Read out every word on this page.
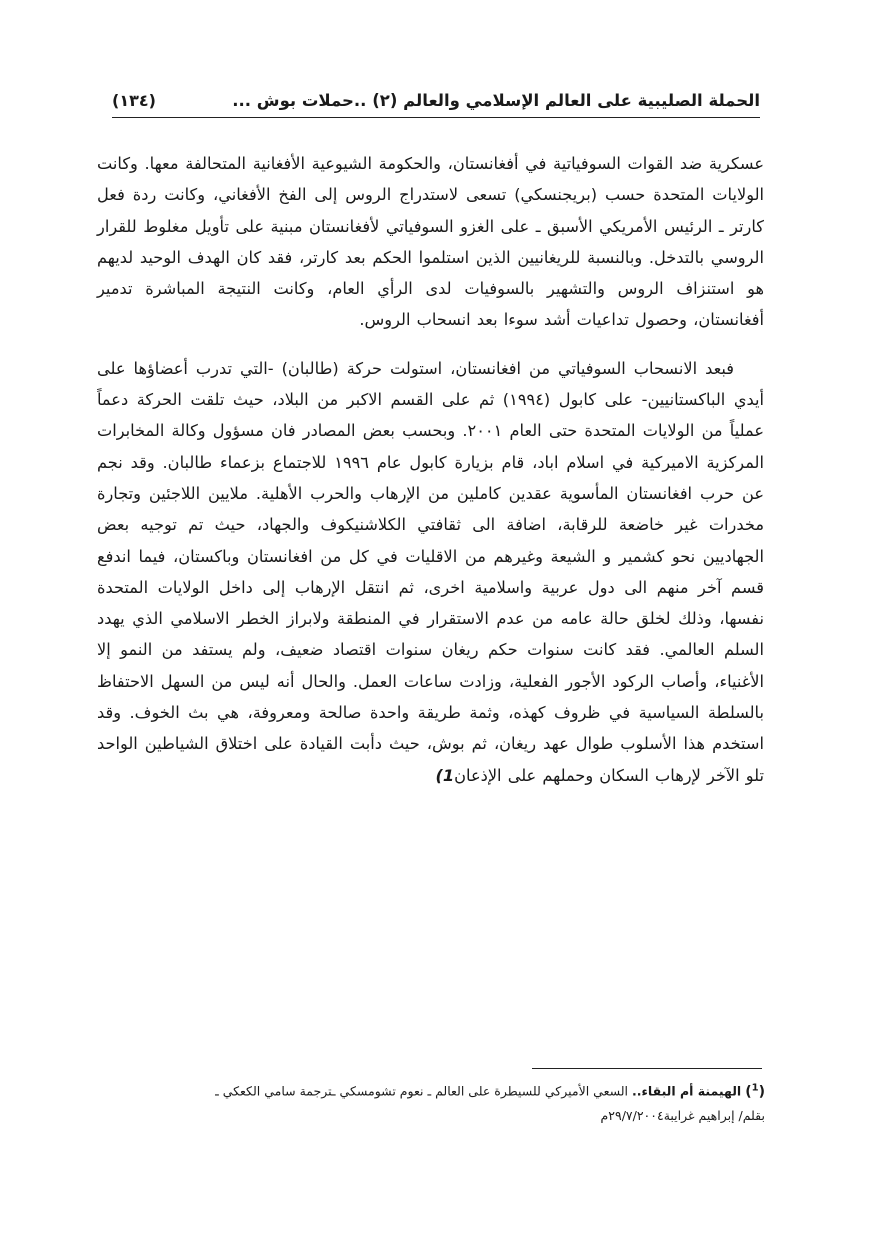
الحملة الصليبية على العالم الإسلامي والعالم (٢) ..حملات بوش ...
(١٣٤)

عسكرية ضد القوات السوفياتية في أفغانستان، والحكومة الشيوعية الأفغانية المتحالفة معها. وكانت الولايات المتحدة حسب (بريجنسكي) تسعى لاستدراج الروس إلى الفخ الأفغاني، وكانت ردة فعل كارتر ـ الرئيس الأمريكي الأسبق ـ على الغزو السوفياتي لأفغانستان مبنية على تأويل مغلوط للقرار الروسي بالتدخل. وبالنسبة للريغانيين الذين استلموا الحكم بعد كارتر، فقد كان الهدف الوحيد لديهم هو استنزاف الروس والتشهير بالسوفيات لدى الرأي العام، وكانت النتيجة المباشرة تدمير أفغانستان، وحصول تداعيات أشد سوءا بعد انسحاب الروس.

فبعد الانسحاب السوفياتي من افغانستان، استولت حركة (طالبان) -التي تدرب أعضاؤها على أيدي الباكستانيين- على كابول (١٩٩٤) ثم على القسم الاكبر من البلاد، حيث تلقت الحركة دعماً عملياً من الولايات المتحدة حتى العام ٢٠٠١. وبحسب بعض المصادر فان مسؤول وكالة المخابرات المركزية الاميركية في اسلام اباد، قام بزيارة كابول عام ١٩٩٦ للاجتماع بزعماء طالبان. وقد نجم عن حرب افغانستان المأسوية عقدين كاملين من الإرهاب والحرب الأهلية. ملايين اللاجئين وتجارة مخدرات غير خاضعة للرقابة، اضافة الى ثقافتي الكلاشنيكوف والجهاد، حيث تم توجيه بعض الجهاديين نحو كشمير و الشيعة وغيرهم من الاقليات في كل من افغانستان وباكستان، فيما اندفع قسم آخر منهم الى دول عربية واسلامية اخرى، ثم انتقل الإرهاب إلى داخل الولايات المتحدة نفسها، وذلك لخلق حالة عامه من عدم الاستقرار في المنطقة ولابراز الخطر الاسلامي الذي يهدد السلم العالمي. فقد كانت سنوات حكم ريغان سنوات اقتصاد ضعيف، ولم يستفد من النمو إلا الأغنياء، وأصاب الركود الأجور الفعلية، وزادت ساعات العمل. والحال أنه ليس من السهل الاحتفاظ بالسلطة السياسية في ظروف كهذه، وثمة طريقة واحدة صالحة ومعروفة، هي بث الخوف. وقد استخدم هذا الأسلوب طوال عهد ريغان، ثم بوش، حيث دأبت القيادة على اختلاق الشياطين الواحد تلو الآخر لإرهاب السكان وحملهم على الإذعان1)

($^1$)الهيمنة أم البقاء.. السعي الأميركي للسيطرة على العالم ـ نعوم تشومسكي ـترجمة سامي الكعكي ـ
بقلم/ إبراهيم غرايبة٢٩/٧/٢٠٠٤م
